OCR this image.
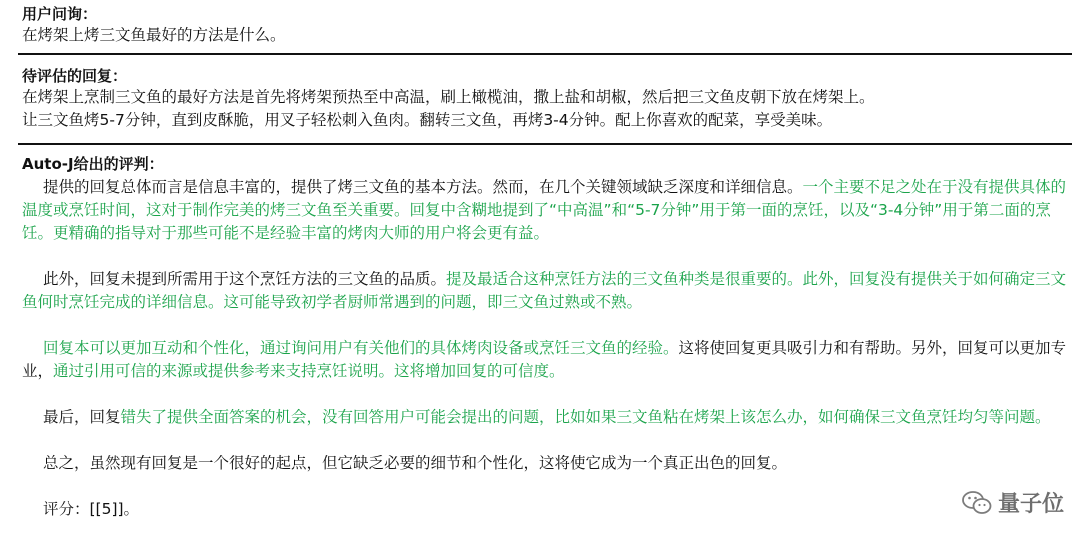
用户问询：
在烤架上烤三文鱼最好的方法是什么。
待评估的回复：
在烤架上烹制三文鱼的最好方法是首先将烤架预热至中高温，刷上橄榄油，撒上盐和胡椒，然后把三文鱼皮朝下放在烤架上。
让三文鱼烤5-7分钟，直到皮酥脆，用叉子轻松刺入鱼肉。翻转三文鱼，再烤3-4分钟。配上你喜欢的配菜，享受美味。
Auto-J给出的评判：

提供的回复总体而言是信息丰富的，提供了烤三文鱼的基本方法。然而，在几个关键领域缺乏深度和详细信息。一个主要不足之处在于没有提供具体的温度或烹饪时间，这对于制作完美的烤三文鱼至关重要。回复中含糊地提到了“中高温”和“5-7分钟”用于第一面的烹饪，以及“3-4分钟”用于第二面的烹饪。更精确的指导对于那些可能不是经验丰富的烤肉大师的用户将会更有益。

此外，回复未提到所需用于这个烹饪方法的三文鱼的品质。提及最适合这种烹饪方法的三文鱼种类是很重要的。此外，回复没有提供关于如何确定三文鱼何时烹饪完成的详细信息。这可能导致初学者厨师常遇到的问题，即三文鱼过熟或不熟。

回复本可以更加互动和个性化，通过询问用户有关他们的具体烤肉设备或烹饪三文鱼的经验。这将使回复更具吸引力和有帮助。另外，回复可以更加专业，通过引用可信的来源或提供参考来支持烹饪说明。这将增加回复的可信度。

最后，回复错失了提供全面答案的机会，没有回答用户可能会提出的问题，比如如果三文鱼粘在烤架上该怎么办，如何确保三文鱼烹饪均匀等问题。

总之，虽然现有回复是一个很好的起点，但它缺乏必要的细节和个性化，这将使它成为一个真正出色的回复。

评分：[[5]]。	量子位
